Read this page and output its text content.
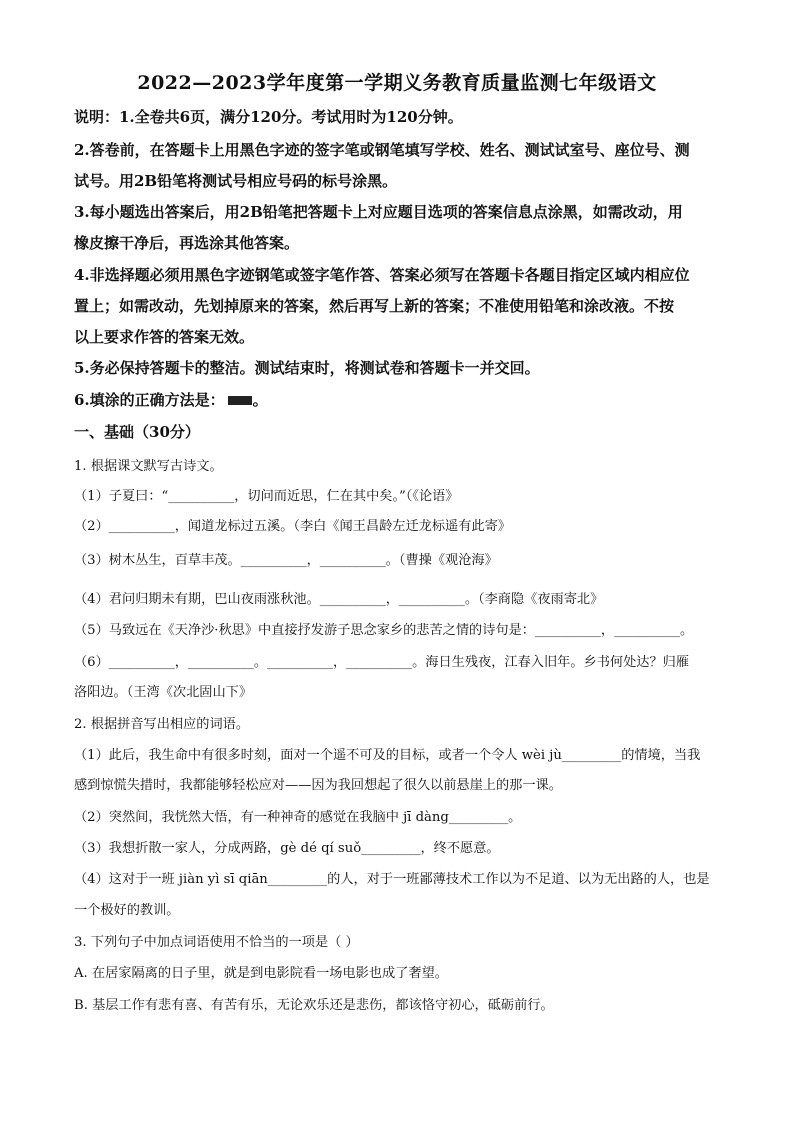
2022—2023学年度第一学期义务教育质量监测七年级语文
说明：1.全卷共6页，满分120分。考试用时为120分钟。
2.答卷前，在答题卡上用黑色字迹的签字笔或钢笔填写学校、姓名、测试试室号、座位号、测
试号。用2B铅笔将测试号相应号码的标号涂黑。
3.每小题选出答案后，用2B铅笔把答题卡上对应题目选项的答案信息点涂黑，如需改动，用
橡皮擦干净后，再选涂其他答案。
4.非选择题必须用黑色字迹钢笔或签字笔作答、答案必须写在答题卡各题目指定区域内相应位
置上；如需改动，先划掉原来的答案，然后再写上新的答案；不准使用铅笔和涂改液。不按
以上要求作答的答案无效。
5.务必保持答题卡的整洁。测试结束时，将测试卷和答题卡一并交回。
6.填涂的正确方法是： 。
一、基础（30分）
1. 根据课文默写古诗文。
（1）子夏曰：“__________，切问而近思，仁在其中矣。”（《论语》
（2）__________，闻道龙标过五溪。（李白《闻王昌龄左迁龙标遥有此寄》
（3）树木丛生，百草丰茂。__________，__________。（曹操《观沧海》
（4）君问归期未有期，巴山夜雨涨秋池。__________，__________。（李商隐《夜雨寄北》
（5）马致远在《天净沙·秋思》中直接抒发游子思念家乡的悲苦之情的诗句是：__________，__________。
（6）__________，__________。__________，__________。海日生残夜，江春入旧年。乡书何处达？归雁
洛阳边。（王湾《次北固山下》
2. 根据拼音写出相应的词语。
（1）此后，我生命中有很多时刻，面对一个遥不可及的目标，或者一个令人 wèi jù_________的情境，当我
感到惊慌失措时，我都能够轻松应对——因为我回想起了很久以前悬崖上的那一课。
（2）突然间，我恍然大悟，有一种神奇的感觉在我脑中 jī dàng_________。
（3）我想折散一家人，分成两路，gè dé qí suǒ_________，终不愿意。
（4）这对于一班 jiàn yì sī qiān_________的人，对于一班鄙薄技术工作以为不足道、以为无出路的人，也是
一个极好的教训。
3. 下列句子中加点词语使用不恰当的一项是（ ）
A. 在居家隔离的日子里，就是到电影院看一场电影也成了奢望。
B. 基层工作有悲有喜、有苦有乐，无论欢乐还是悲伤，都该恪守初心，砥砺前行。
